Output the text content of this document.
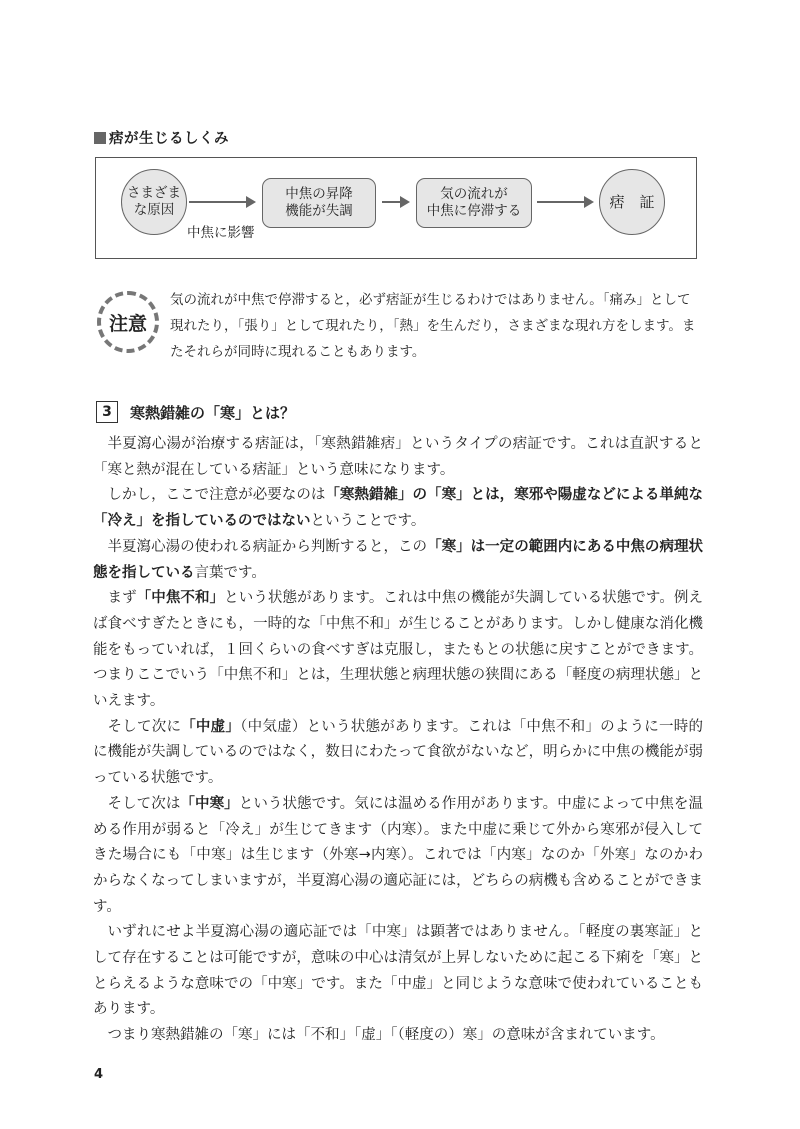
痞が生じるしくみ
さまざま
な原因
中焦に影響
中焦の昇降
機能が失調
気の流れが
中焦に停滞する
痞　証
注意
気の流れが中焦で停滞すると，必ず痞証が生じるわけではありません。「痛み」として現れたり，「張り」として現れたり，「熱」を生んだり，さまざまな現れ方をします。またそれらが同時に現れることもあります。
3	寒熱錯雑の「寒」とは？

半夏瀉心湯が治療する痞証は，「寒熱錯雑痞」というタイプの痞証です。これは直訳すると「寒と熱が混在している痞証」という意味になります。

しかし，ここで注意が必要なのは「寒熱錯雑」の「寒」とは，寒邪や陽虚などによる単純な「冷え」を指しているのではないということです。

半夏瀉心湯の使われる病証から判断すると，この「寒」は一定の範囲内にある中焦の病理状態を指している言葉です。

まず「中焦不和」という状態があります。これは中焦の機能が失調している状態です。例えば食べすぎたときにも，一時的な「中焦不和」が生じることがあります。しかし健康な消化機能をもっていれば，１回くらいの食べすぎは克服し，またもとの状態に戻すことができます。つまりここでいう「中焦不和」とは，生理状態と病理状態の狭間にある「軽度の病理状態」といえます。

そして次に「中虚」（中気虚）という状態があります。これは「中焦不和」のように一時的に機能が失調しているのではなく，数日にわたって食欲がないなど，明らかに中焦の機能が弱っている状態です。

そして次は「中寒」という状態です。気には温める作用があります。中虚によって中焦を温める作用が弱ると「冷え」が生じてきます（内寒）。また中虚に乗じて外から寒邪が侵入してきた場合にも「中寒」は生じます（外寒→内寒）。これでは「内寒」なのか「外寒」なのかわからなくなってしまいますが，半夏瀉心湯の適応証には，どちらの病機も含めることができます。

いずれにせよ半夏瀉心湯の適応証では「中寒」は顕著ではありません。「軽度の裏寒証」として存在することは可能ですが，意味の中心は清気が上昇しないために起こる下痢を「寒」ととらえるような意味での「中寒」です。また「中虚」と同じような意味で使われていることもあります。

つまり寒熱錯雑の「寒」には「不和」「虚」「（軽度の）寒」の意味が含まれています。

4
